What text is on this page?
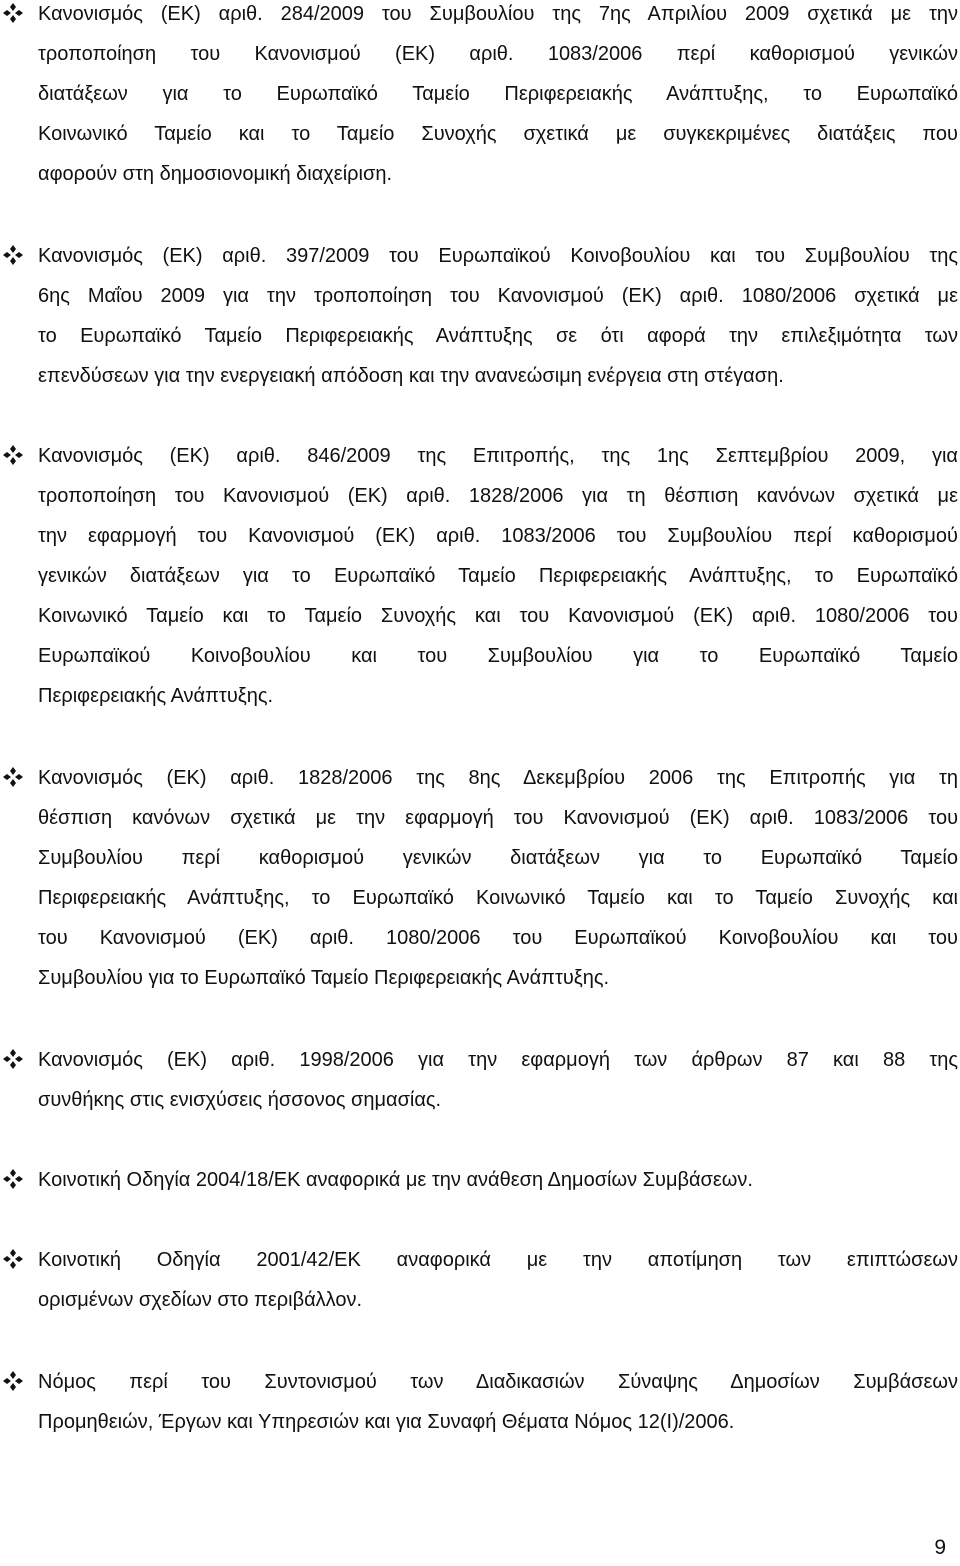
Κανονισμός (ΕΚ) αριθ. 284/2009 του Συμβουλίου της 7ης Απριλίου 2009 σχετικά με την
τροποποίηση του Κανονισμού (ΕΚ) αριθ. 1083/2006 περί καθορισμού γενικών
διατάξεων για το Ευρωπαϊκό Ταμείο Περιφερειακής Ανάπτυξης, το Ευρωπαϊκό
Κοινωνικό Ταμείο και το Ταμείο Συνοχής σχετικά με συγκεκριμένες διατάξεις που
αφορούν στη δημοσιονομική διαχείριση.
Κανονισμός (ΕΚ) αριθ. 397/2009 του Ευρωπαϊκού Κοινοβουλίου και του Συμβουλίου της
6ης Μαΐου 2009 για την τροποποίηση του Κανονισμού (ΕΚ) αριθ. 1080/2006 σχετικά με
το Ευρωπαϊκό Ταμείο Περιφερειακής Ανάπτυξης σε ότι αφορά την επιλεξιμότητα των
επενδύσεων για την ενεργειακή απόδοση και την ανανεώσιμη ενέργεια στη στέγαση.
Κανονισμός (ΕΚ) αριθ. 846/2009 της Επιτροπής, της 1ης Σεπτεμβρίου 2009, για
τροποποίηση του Κανονισμού (ΕΚ) αριθ. 1828/2006 για τη θέσπιση κανόνων σχετικά με
την εφαρμογή του Κανονισμού (ΕΚ) αριθ. 1083/2006 του Συμβουλίου περί καθορισμού
γενικών διατάξεων για το Ευρωπαϊκό Ταμείο Περιφερειακής Ανάπτυξης, το Ευρωπαϊκό
Κοινωνικό Ταμείο και το Ταμείο Συνοχής και του Κανονισμού (ΕΚ) αριθ. 1080/2006 του
Ευρωπαϊκού Κοινοβουλίου και του Συμβουλίου για το Ευρωπαϊκό Ταμείο
Περιφερειακής Ανάπτυξης.
Κανονισμός (ΕΚ) αριθ. 1828/2006 της 8ης Δεκεμβρίου 2006 της Επιτροπής για τη
θέσπιση κανόνων σχετικά με την εφαρμογή του Κανονισμού (ΕΚ) αριθ. 1083/2006 του
Συμβουλίου περί καθορισμού γενικών διατάξεων για το Ευρωπαϊκό Ταμείο
Περιφερειακής Ανάπτυξης, το Ευρωπαϊκό Κοινωνικό Ταμείο και το Ταμείο Συνοχής και
του Κανονισμού (ΕΚ) αριθ. 1080/2006 του Ευρωπαϊκού Κοινοβουλίου και του
Συμβουλίου για το Ευρωπαϊκό Ταμείο Περιφερειακής Ανάπτυξης.
Κανονισμός (ΕΚ) αριθ. 1998/2006 για την εφαρμογή των άρθρων 87 και 88 της
συνθήκης στις ενισχύσεις ήσσονος σημασίας.
Κοινοτική Οδηγία 2004/18/ΕΚ αναφορικά με την ανάθεση Δημοσίων Συμβάσεων.
Κοινοτική Οδηγία 2001/42/ΕΚ αναφορικά με την αποτίμηση των επιπτώσεων
ορισμένων σχεδίων στο περιβάλλον.
Νόμος περί του Συντονισμού των Διαδικασιών Σύναψης Δημοσίων Συμβάσεων
Προμηθειών, Έργων και Υπηρεσιών και για Συναφή Θέματα Νόμος 12(Ι)/2006.
9
